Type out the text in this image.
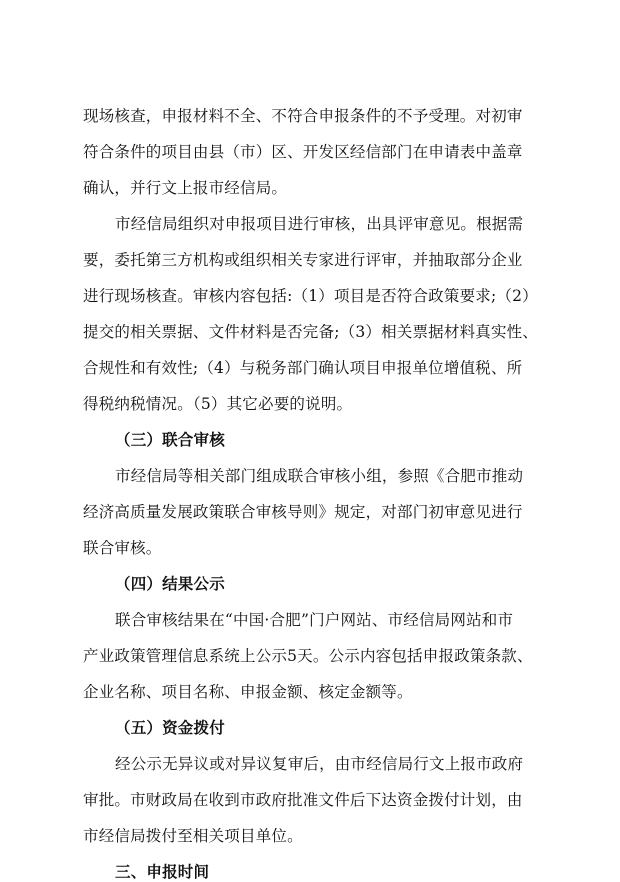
现场核查，申报材料不全、不符合申报条件的不予受理。对初审
符合条件的项目由县（市）区、开发区经信部门在申请表中盖章
确认，并行文上报市经信局。
市经信局组织对申报项目进行审核，出具评审意见。根据需
要，委托第三方机构或组织相关专家进行评审，并抽取部分企业
进行现场核查。审核内容包括:（1）项目是否符合政策要求;（2）
提交的相关票据、文件材料是否完备;（3）相关票据材料真实性、
合规性和有效性;（4）与税务部门确认项目申报单位增值税、所
得税纳税情况。（5）其它必要的说明。
（三）联合审核
市经信局等相关部门组成联合审核小组，参照《合肥市推动
经济高质量发展政策联合审核导则》规定，对部门初审意见进行
联合审核。
（四）结果公示
联合审核结果在“中国·合肥”门户网站、市经信局网站和市
产业政策管理信息系统上公示5天。公示内容包括申报政策条款、
企业名称、项目名称、申报金额、核定金额等。
（五）资金拨付
经公示无异议或对异议复审后，由市经信局行文上报市政府
审批。市财政局在收到市政府批准文件后下达资金拨付计划，由
市经信局拨付至相关项目单位。
三、申报时间
